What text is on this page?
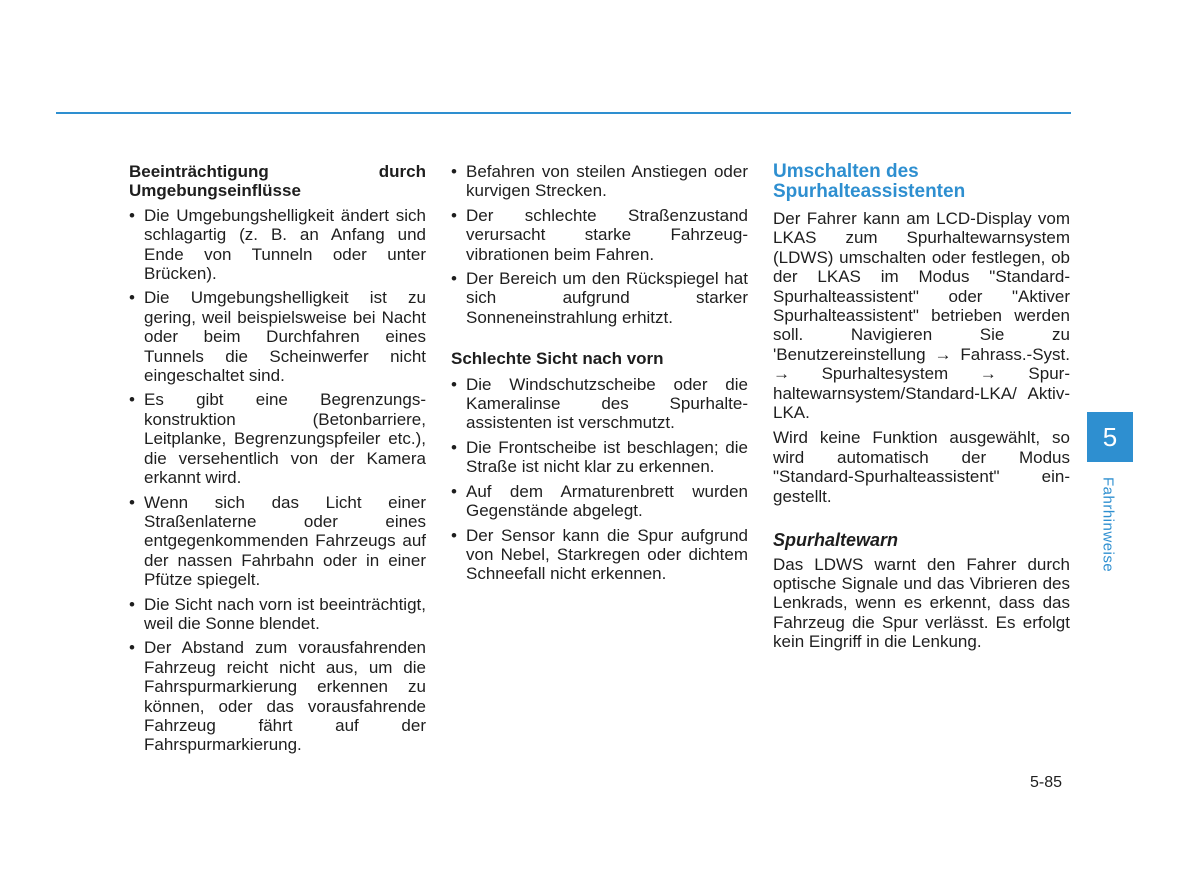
Beeinträchtigung	durch
Umgebungseinflüsse
• Die Umgebungshelligkeit ändert sich schlagartig (z. B. an Anfang und Ende von Tunneln oder unter Brücken).
• Die Umgebungshelligkeit ist zu gering, weil beispielsweise bei Nacht oder beim Durchfahren eines Tunnels die Scheinwerfer nicht eingeschaltet sind.
• Es gibt eine Begrenzungskonstruktion (Betonbarriere, Leitplanke, Begrenzungspfeiler etc.), die versehentlich von der Kamera erkannt wird.
• Wenn sich das Licht einer Straßenlaterne oder eines entgegenkommenden Fahrzeugs auf der nassen Fahrbahn oder in einer Pfütze spiegelt.
• Die Sicht nach vorn ist beeinträchtigt, weil die Sonne blendet.
• Der Abstand zum vorausfahrenden Fahrzeug reicht nicht aus, um die Fahrspurmarkierung erkennen zu können, oder das vorausfahrende Fahrzeug fährt auf der Fahrspurmarkierung.
• Befahren von steilen Anstiegen oder kurvigen Strecken.
• Der schlechte Straßenzustand verursacht starke Fahrzeugvibrationen beim Fahren.
• Der Bereich um den Rückspiegel hat sich aufgrund starker Sonneneinstrahlung erhitzt.
Schlechte Sicht nach vorn
• Die Windschutzscheibe oder die Kameralinse des Spurhalteassistenten ist verschmutzt.
• Die Frontscheibe ist beschlagen; die Straße ist nicht klar zu erkennen.
• Auf dem Armaturenbrett wurden Gegenstände abgelegt.
• Der Sensor kann die Spur aufgrund von Nebel, Starkregen oder dichtem Schneefall nicht erkennen.
Umschalten des
Spurhalteassistenten

Der Fahrer kann am LCD-Display vom LKAS zum Spurhaltewarnsystem (LDWS) umschalten oder festlegen, ob der LKAS im Modus "Standard-Spurhalteassistent" oder "Aktiver Spurhalteassistent" betrieben werden soll. Navigieren Sie zu 'Benutzereinstellung → Fahrass.-Syst. → Spurhaltesystem → Spurhaltewarnsystem/Standard-LKA/ Aktiv-LKA.

Wird keine Funktion ausgewählt, so wird automatisch der Modus "Standard-Spurhalteassistent" eingestellt.

Spurhaltewarn

Das LDWS warnt den Fahrer durch optische Signale und das Vibrieren des Lenkrads, wenn es erkennt, dass das Fahrzeug die Spur verlässt. Es erfolgt kein Eingriff in die Lenkung.

5
Fahrhinweise
5-85
